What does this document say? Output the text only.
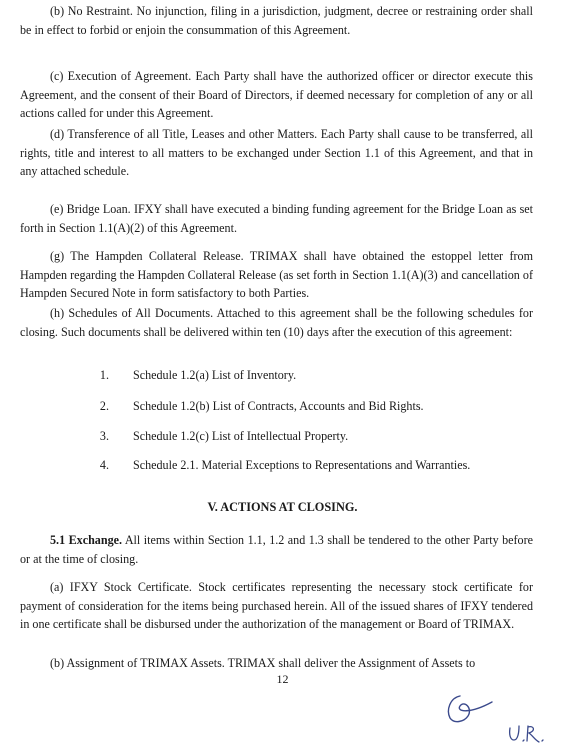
(b) No Restraint. No injunction, filing in a jurisdiction, judgment, decree or restraining order shall be in effect to forbid or enjoin the consummation of this Agreement.

(c) Execution of Agreement. Each Party shall have the authorized officer or director execute this Agreement, and the consent of their Board of Directors, if deemed necessary for completion of any or all actions called for under this Agreement.

(d) Transference of all Title, Leases and other Matters. Each Party shall cause to be transferred, all rights, title and interest to all matters to be exchanged under Section 1.1 of this Agreement, and that in any attached schedule.

(e) Bridge Loan. IFXY shall have executed a binding funding agreement for the Bridge Loan as set forth in Section 1.1(A)(2) of this Agreement.

(g) The Hampden Collateral Release. TRIMAX shall have obtained the estoppel letter from Hampden regarding the Hampden Collateral Release (as set forth in Section 1.1(A)(3) and cancellation of Hampden Secured Note in form satisfactory to both Parties.

(h) Schedules of All Documents. Attached to this agreement shall be the following schedules for closing. Such documents shall be delivered within ten (10) days after the execution of this agreement:

1. Schedule 1.2(a) List of Inventory.
2. Schedule 1.2(b) List of Contracts, Accounts and Bid Rights.
3. Schedule 1.2(c) List of Intellectual Property.
4. Schedule 2.1. Material Exceptions to Representations and Warranties.

V. ACTIONS AT CLOSING.

5.1 Exchange. All items within Section 1.1, 1.2 and 1.3 shall be tendered to the other Party before or at the time of closing.

(a) IFXY Stock Certificate. Stock certificates representing the necessary stock certificate for payment of consideration for the items being purchased herein. All of the issued shares of IFXY tendered in one certificate shall be disbursed under the authorization of the management or Board of TRIMAX.

(b) Assignment of TRIMAX Assets. TRIMAX shall deliver the Assignment of Assets to

12
